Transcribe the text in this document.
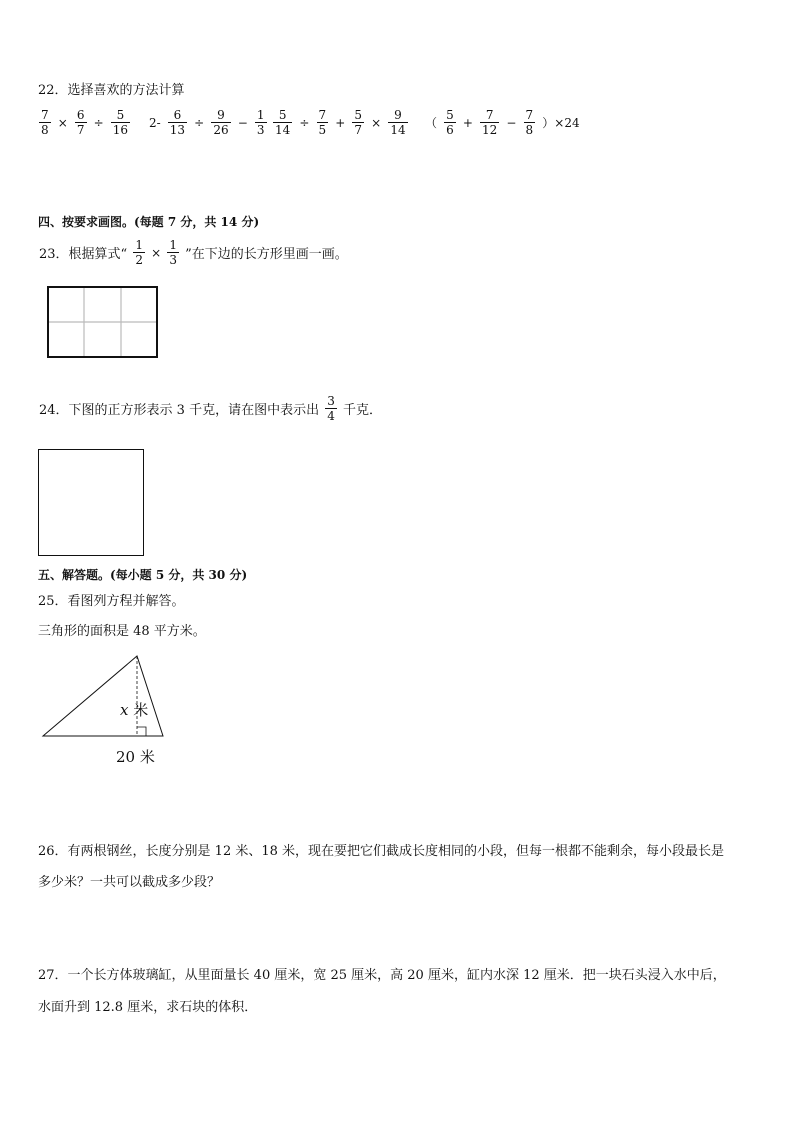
22．选择喜欢的方法计算
$\frac{7}{8} \times \frac{6}{7} \div \frac{5}{16} 2- \frac{6}{13} \div \frac{9}{26} - \frac{1}{3} \frac{5}{14} \div \frac{7}{5} + \frac{5}{7} \times \frac{9}{14}$ （ $\frac{5}{6} + \frac{7}{12} - \frac{7}{8} )\times 24$
四、按要求画图。(每题 7 分，共 14 分)
23．根据算式“ $\frac{1}{2} \times \frac{1}{3}$ ”在下边的长方形里画一画。
24．下图的正方形表示 3 千克，请在图中表示出 $\frac{3}{4}$ 千克．
五、解答题。(每小题 5 分，共 30 分)
25．看图列方程并解答。
三角形的面积是 48 平方米。
x 米
20 米
26．有两根钢丝，长度分别是 12 米、18 米，现在要把它们截成长度相同的小段，但每一根都不能剩余，每小段最长是
多少米？一共可以截成多少段？
27．一个长方体玻璃缸，从里面量长 40 厘米，宽 25 厘米，高 20 厘米，缸内水深 12 厘米．把一块石头浸入水中后，
水面升到 12.8 厘米，求石块的体积．
